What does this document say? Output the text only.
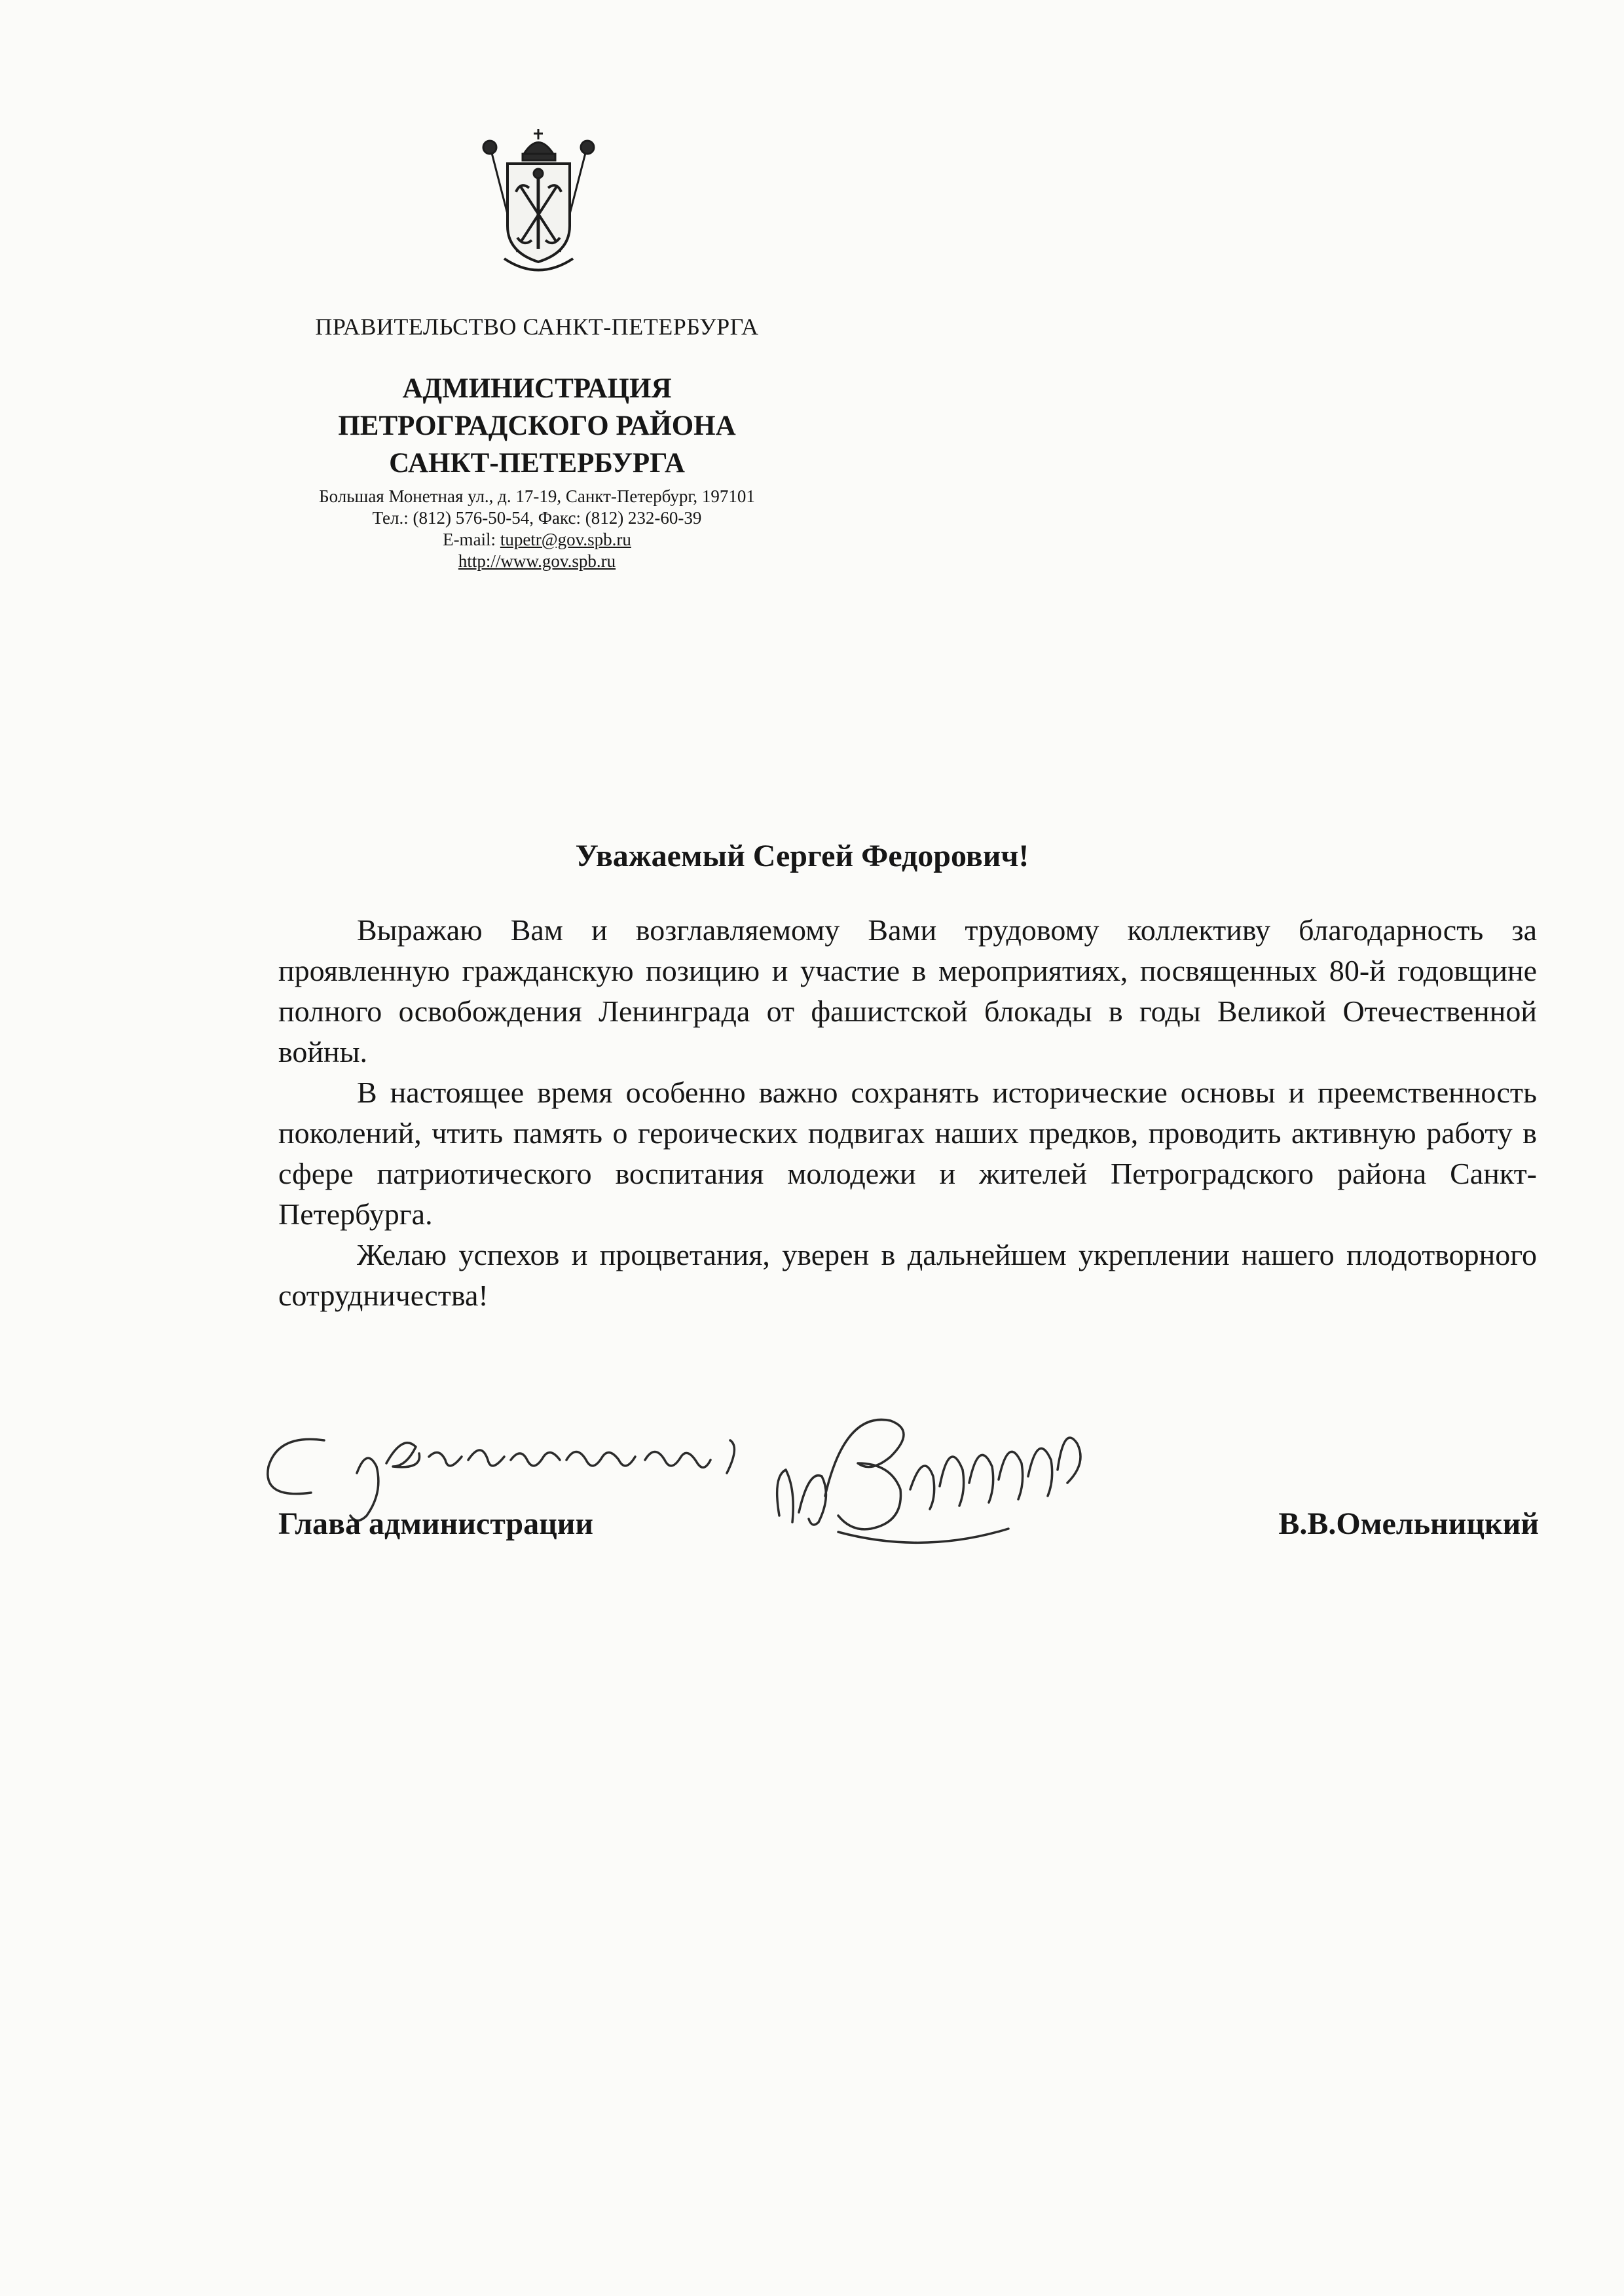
ПРАВИТЕЛЬСТВО САНКТ-ПЕТЕРБУРГА
АДМИНИСТРАЦИЯ
ПЕТРОГРАДСКОГО РАЙОНА
САНКТ-ПЕТЕРБУРГА
Большая Монетная ул., д. 17-19, Санкт-Петербург, 197101
Тел.: (812) 576-50-54, Факс: (812) 232-60-39
E-mail: tupetr@gov.spb.ru
http://www.gov.spb.ru
Уважаемый Сергей Федорович!

Выражаю Вам и возглавляемому Вами трудовому коллективу благодарность за проявленную гражданскую позицию и участие в мероприятиях, посвященных 80-й годовщине полного освобождения Ленинграда от фашистской блокады в годы Великой Отечественной войны.

В настоящее время особенно важно сохранять исторические основы и преемственность поколений, чтить память о героических подвигах наших предков, проводить активную работу в сфере патриотического воспитания молодежи и жителей Петроградского района Санкт-Петербурга.

Желаю успехов и процветания, уверен в дальнейшем укреплении нашего плодотворного сотрудничества!

Глава администрации	В.В.Омельницкий
